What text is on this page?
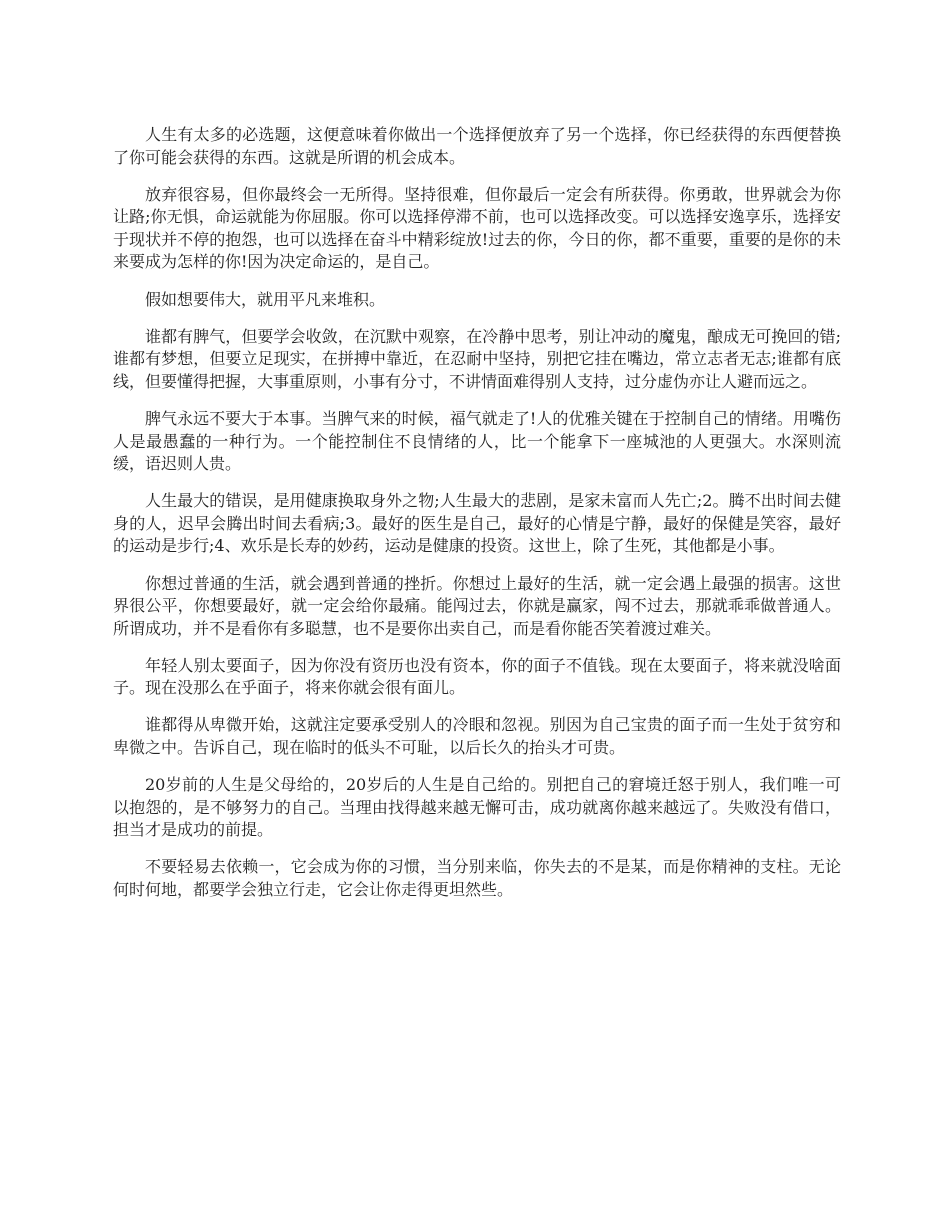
人生有太多的必选题，这便意味着你做出一个选择便放弃了另一个选择，你已经获得的东西便替换了你可能会获得的东西。这就是所谓的机会成本。

放弃很容易，但你最终会一无所得。坚持很难，但你最后一定会有所获得。你勇敢，世界就会为你让路;你无惧，命运就能为你屈服。你可以选择停滞不前，也可以选择改变。可以选择安逸享乐，选择安于现状并不停的抱怨，也可以选择在奋斗中精彩绽放!过去的你，今日的你，都不重要，重要的是你的未来要成为怎样的你!因为决定命运的，是自己。

假如想要伟大，就用平凡来堆积。

谁都有脾气，但要学会收敛，在沉默中观察，在冷静中思考，别让冲动的魔鬼，酿成无可挽回的错;谁都有梦想，但要立足现实，在拼搏中靠近，在忍耐中坚持，别把它挂在嘴边，常立志者无志;谁都有底线，但要懂得把握，大事重原则，小事有分寸，不讲情面难得别人支持，过分虚伪亦让人避而远之。

脾气永远不要大于本事。当脾气来的时候，福气就走了!人的优雅关键在于控制自己的情绪。用嘴伤人是最愚蠢的一种行为。一个能控制住不良情绪的人，比一个能拿下一座城池的人更强大。水深则流缓，语迟则人贵。

人生最大的错误，是用健康换取身外之物;人生最大的悲剧，是家未富而人先亡;2。腾不出时间去健身的人，迟早会腾出时间去看病;3。最好的医生是自己，最好的心情是宁静，最好的保健是笑容，最好的运动是步行;4、欢乐是长寿的妙药，运动是健康的投资。这世上，除了生死，其他都是小事。

你想过普通的生活，就会遇到普通的挫折。你想过上最好的生活，就一定会遇上最强的损害。这世界很公平，你想要最好，就一定会给你最痛。能闯过去，你就是赢家，闯不过去，那就乖乖做普通人。所谓成功，并不是看你有多聪慧，也不是要你出卖自己，而是看你能否笑着渡过难关。

年轻人别太要面子，因为你没有资历也没有资本，你的面子不值钱。现在太要面子，将来就没啥面子。现在没那么在乎面子，将来你就会很有面儿。

谁都得从卑微开始，这就注定要承受别人的冷眼和忽视。别因为自己宝贵的面子而一生处于贫穷和卑微之中。告诉自己，现在临时的低头不可耻，以后长久的抬头才可贵。

20岁前的人生是父母给的，20岁后的人生是自己给的。别把自己的窘境迁怒于别人，我们唯一可以抱怨的，是不够努力的自己。当理由找得越来越无懈可击，成功就离你越来越远了。失败没有借口，担当才是成功的前提。

不要轻易去依赖一，它会成为你的习惯，当分别来临，你失去的不是某，而是你精神的支柱。无论何时何地，都要学会独立行走，它会让你走得更坦然些。
